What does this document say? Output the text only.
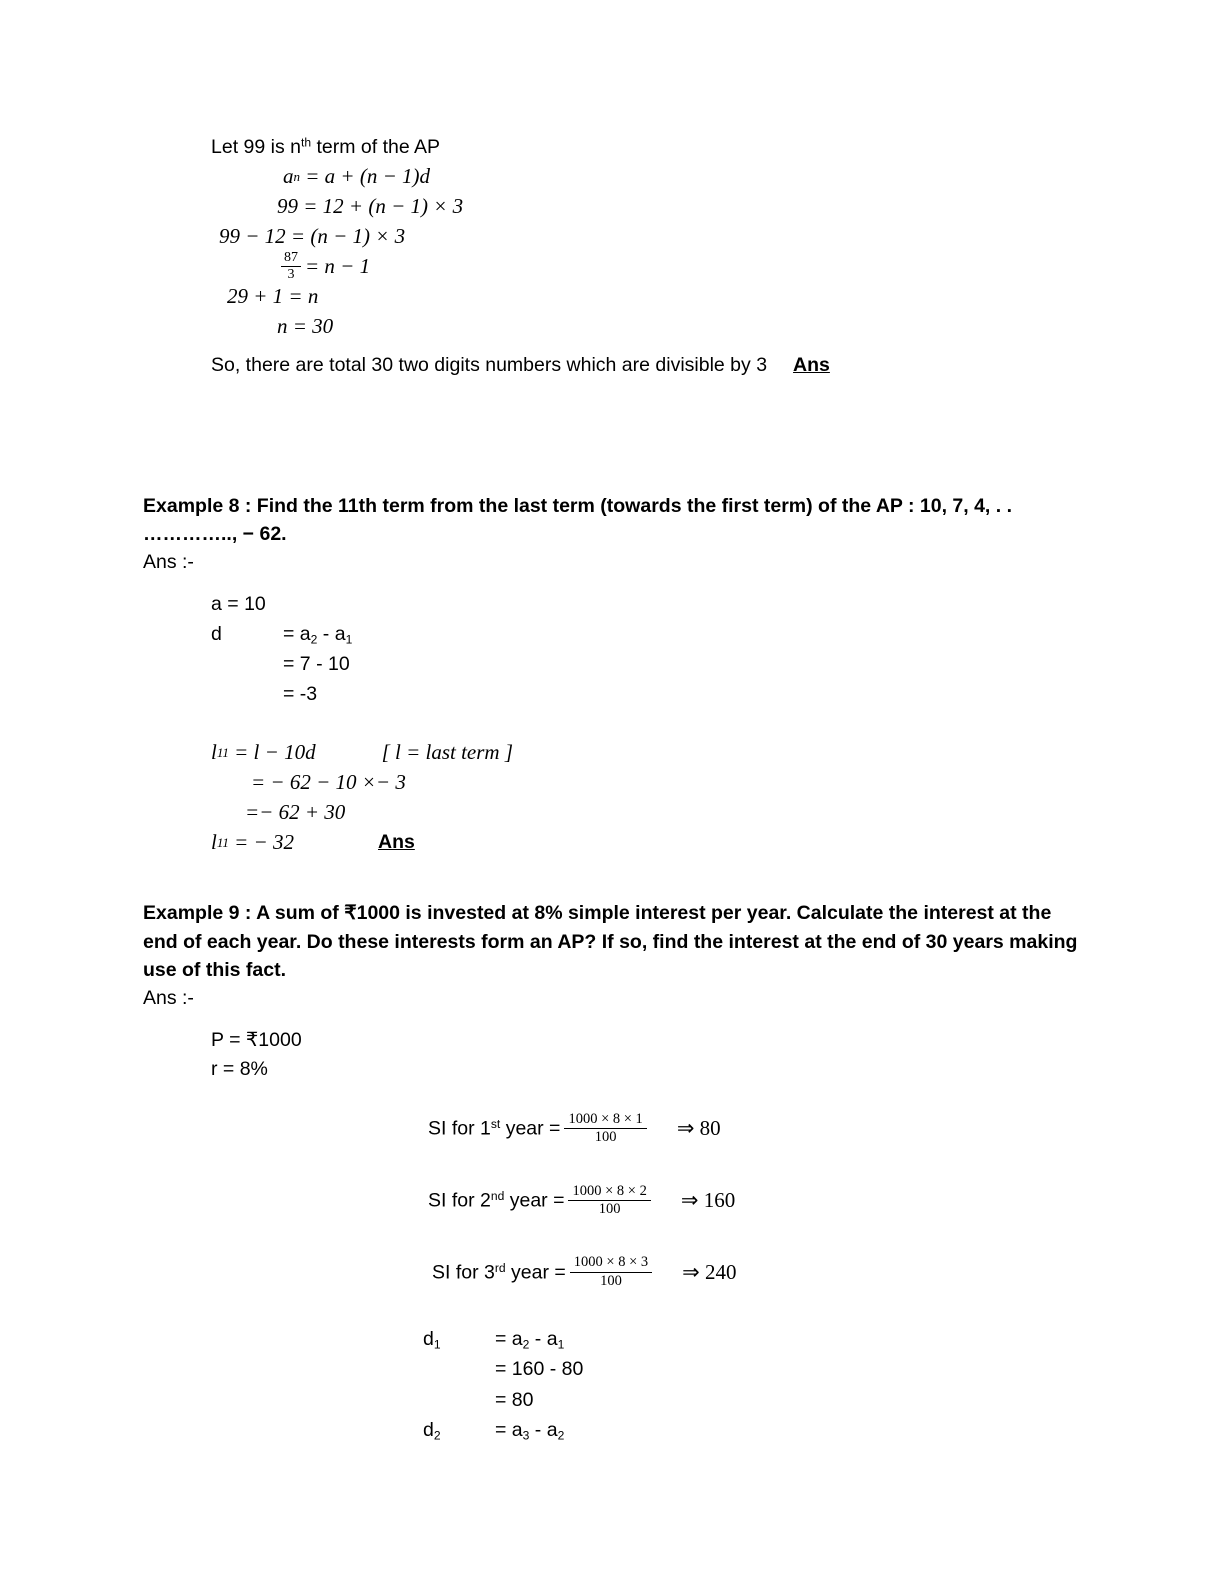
Let 99 is $n^{th}$ term of the AP
a n
= a + (n − 1)d
99 = 12 + (n − 1) × 3
99 − 12 = (n − 1) × 3
$\frac{87}{3} = n - 1$
29 + 1 = n
n = 30
So, there are total 30 two digits numbers which are divisible by 3 Ans
Example 8 : Find the 11th term from the last term (towards the first term) of the AP : 10, 7, 4, . . ………….., − 62.
Ans :-
a = 10
d	= $a_2 - a_1$
= 7 - 10
= -3
l 11
= l − 10d	[ l = last term ]
= − 62 − 10 ×− 3
=− 62 + 30
l 11
= − 32	Ans
Example 9 : A sum of ₹1000 is invested at 8% simple interest per year. Calculate the interest at the end of each year. Do these interests form an AP? If so, find the interest at the end of 30 years making use of this fact.
Ans :-
P = ₹1000
r = 8%
SI for 1st year = $\frac{1000 \times 8 \times 1}{100}$ ⇒ 80
SI for 2nd year = $\frac{1000 \times 8 \times 2}{100}$ ⇒ 160
SI for 3rd year = $\frac{1000 \times 8 \times 3}{100}$ ⇒ 240
$d_1$	= $a_2 - a_1$
= 160 - 80
= 80
$d_2$	= $a_3 - a_2$
